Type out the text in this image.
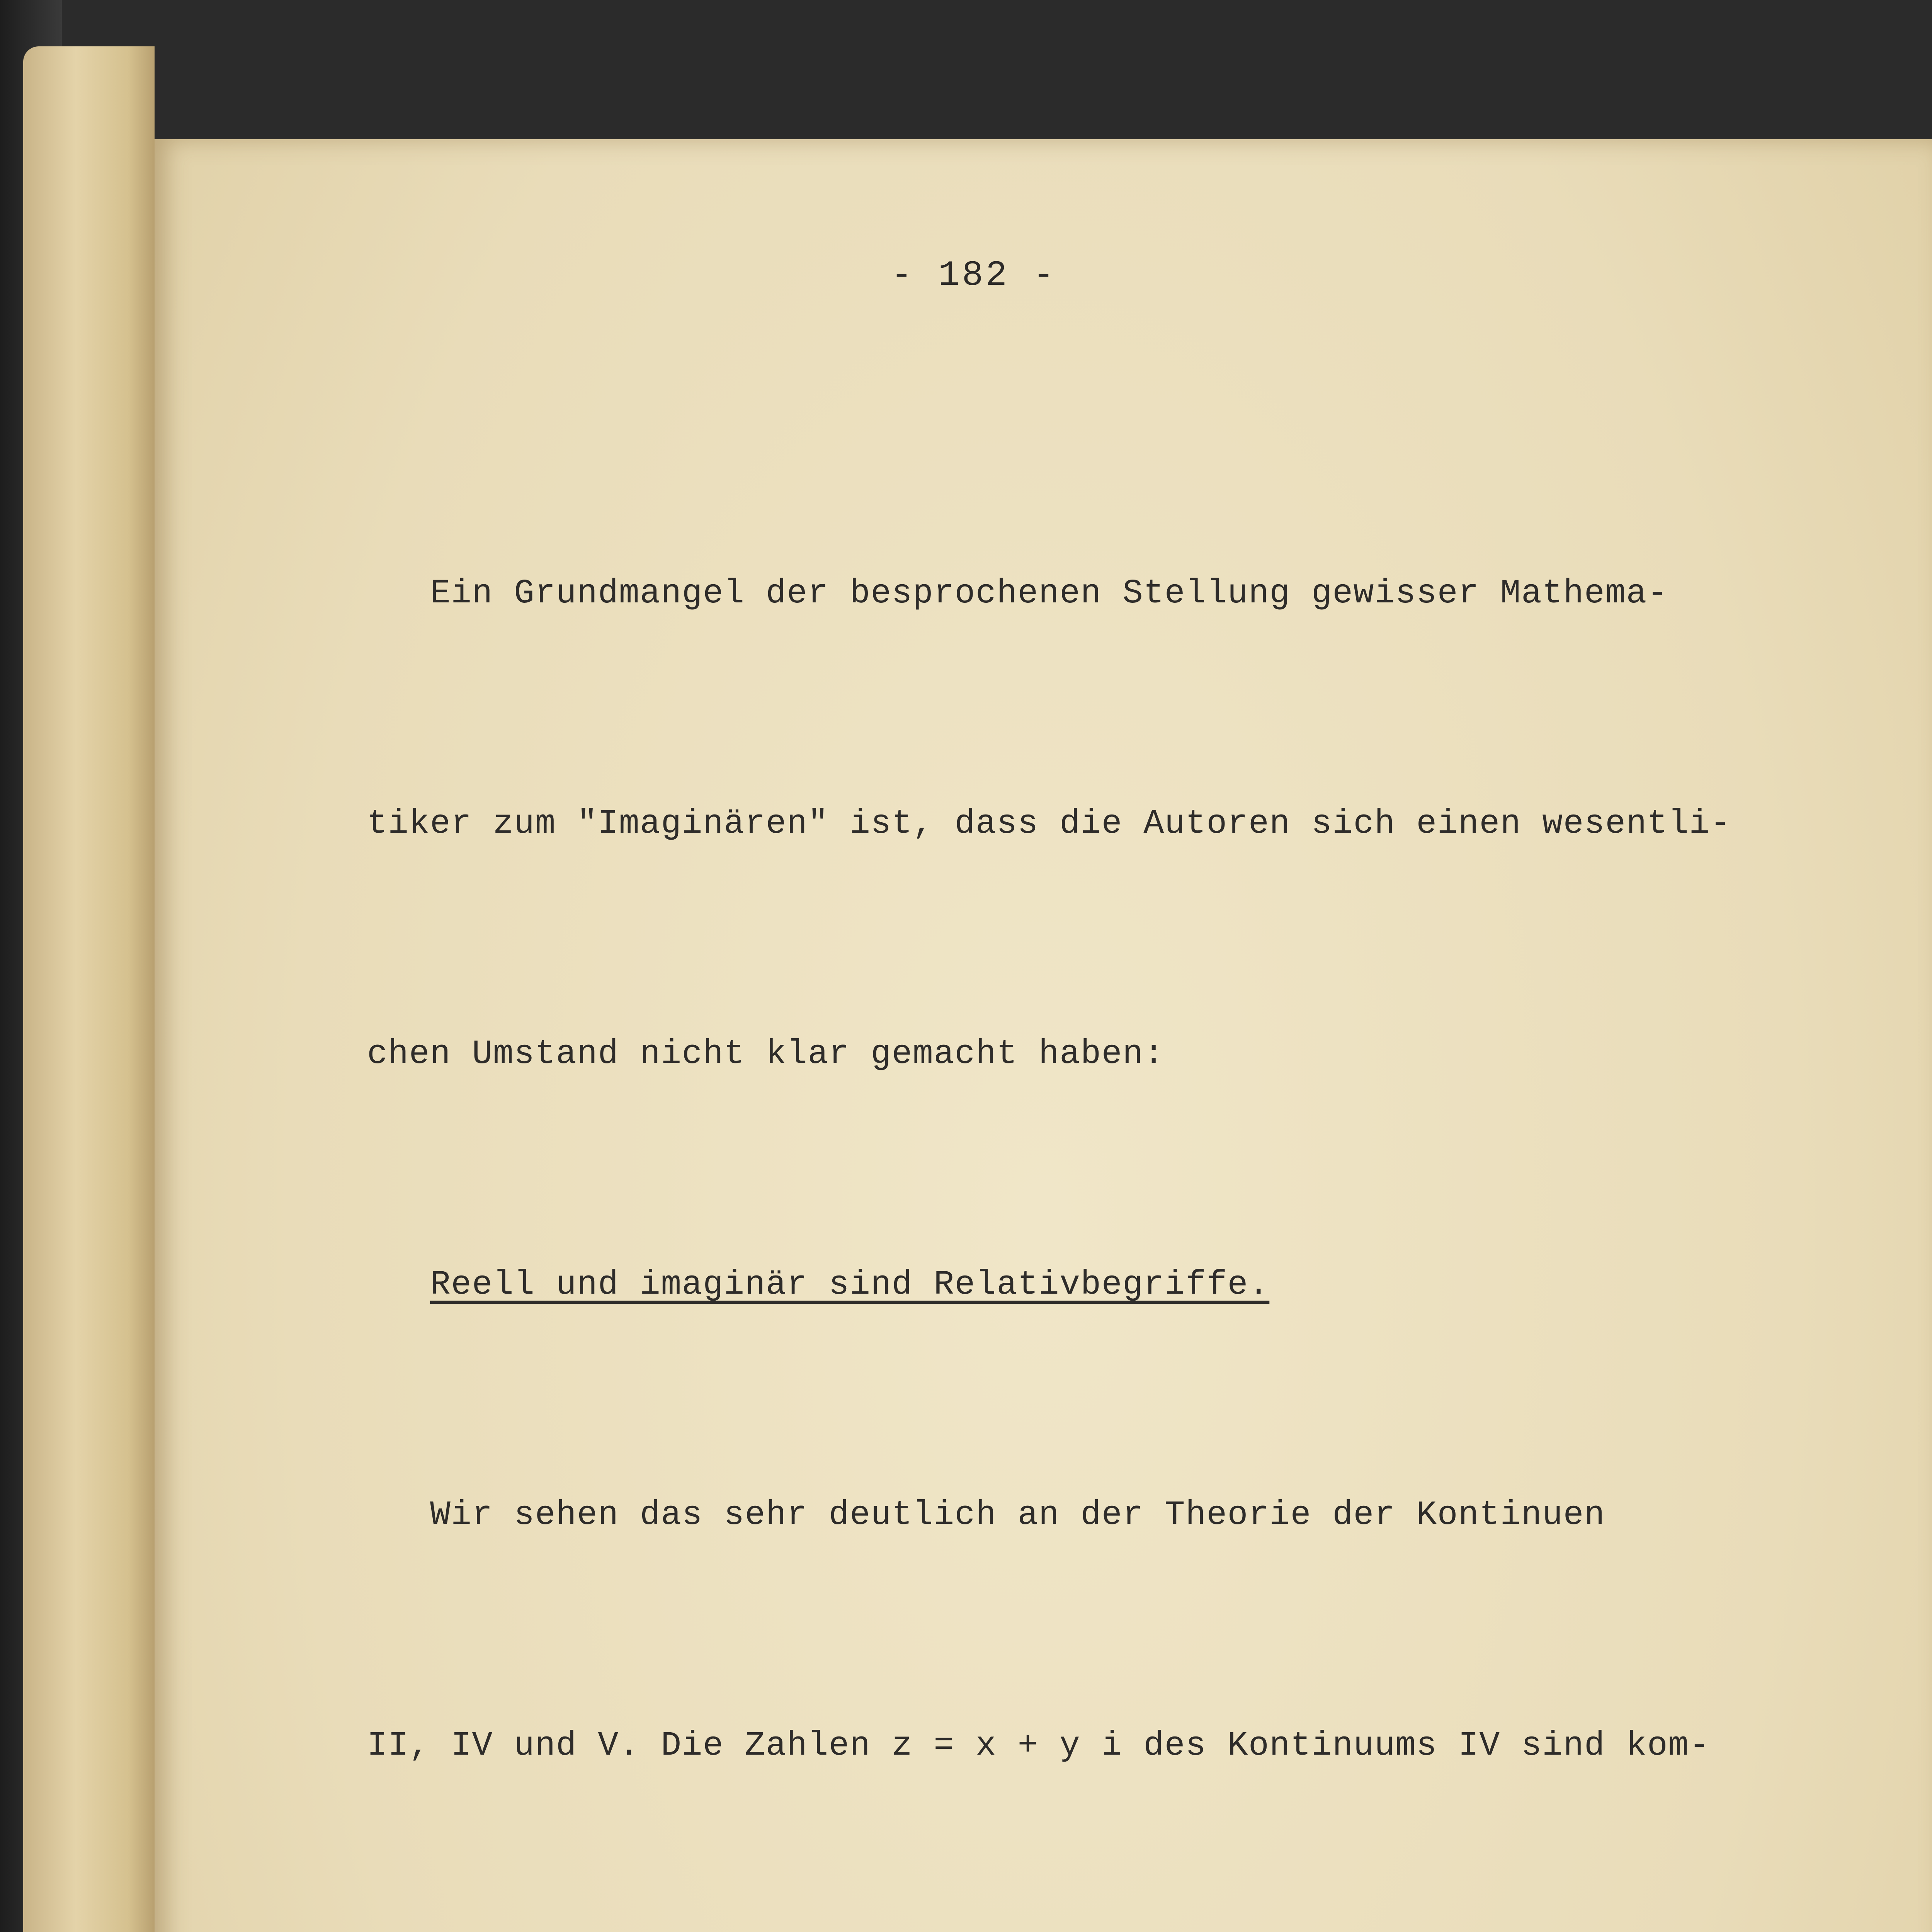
- 182 -

Ein Grundmangel der besprochenen Stellung gewisser Mathema-

tiker zum "Imaginären" ist, dass die Autoren sich einen wesentli-

chen Umstand nicht klar gemacht haben:

Reell und imaginär sind Relativbegriffe.

Wir sehen das sehr deutlich an der Theorie der Kontinuen

II, IV und V. Die Zahlen z = x + y i des Kontinuums IV sind kom-
